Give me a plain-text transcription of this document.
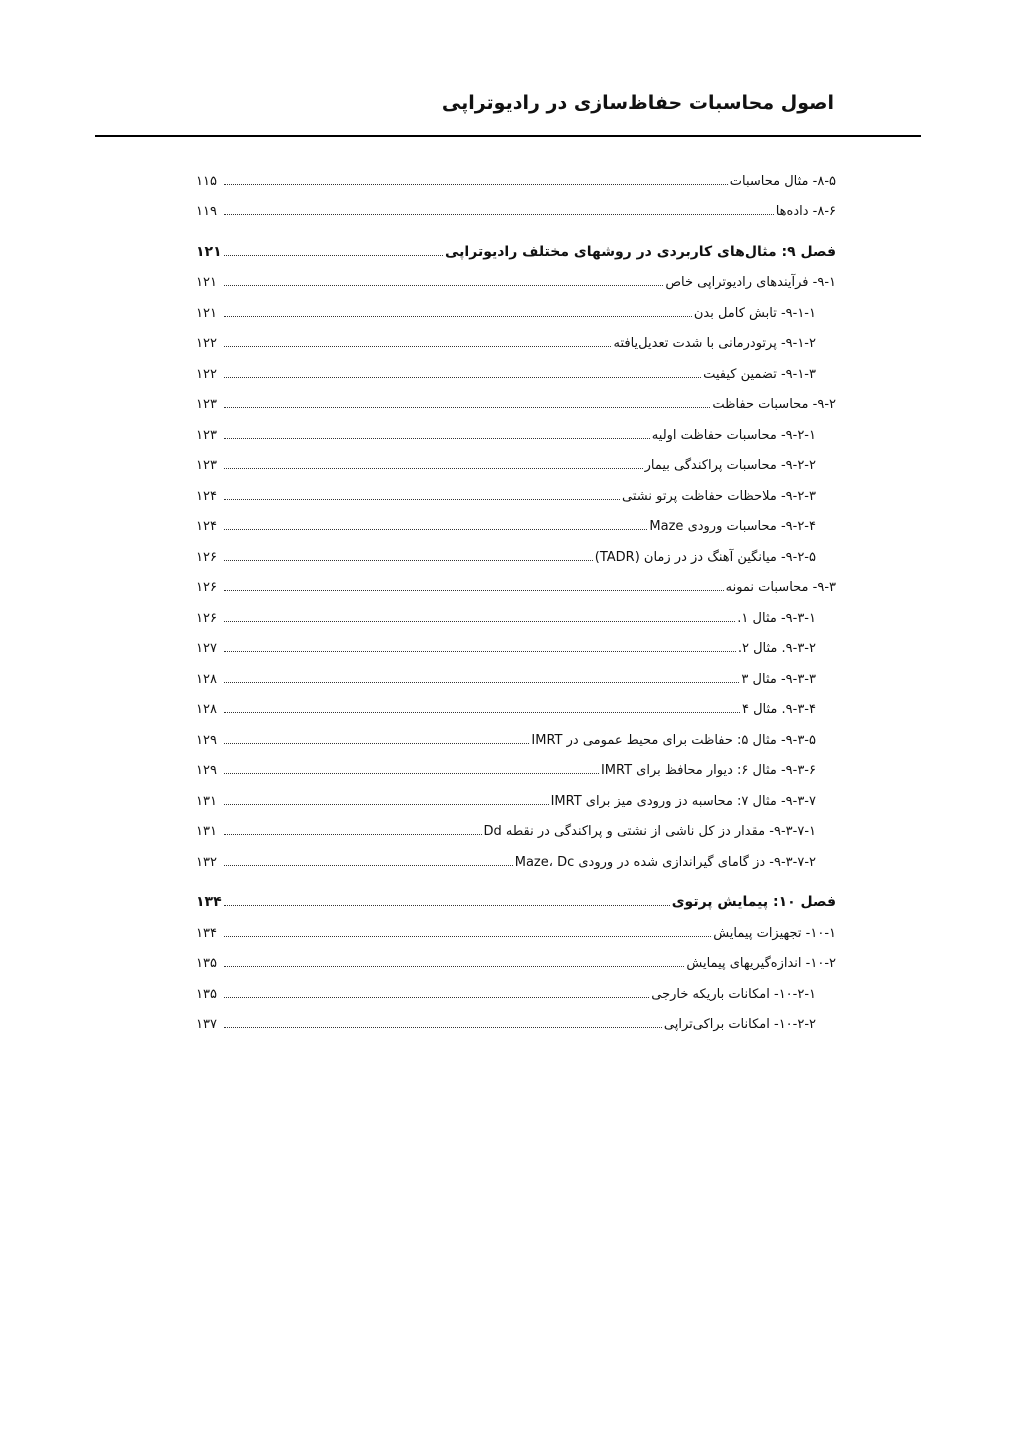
اصول محاسبات حفاظ‌سازی در رادیوتراپی
۸-۵- مثال محاسبات
۱۱۵
۸-۶- داده‌ها
۱۱۹
فصل ۹: مثال‌های کاربردی در روشهای مختلف رادیوتراپی
۱۲۱
۹-۱- فرآیندهای رادیوتراپی خاص
۱۲۱
۹-۱-۱- تابش کامل بدن
۱۲۱
۹-۱-۲- پرتودرمانی با شدت تعدیل‌یافته
۱۲۲
۹-۱-۳- تضمین کیفیت
۱۲۲
۹-۲- محاسبات حفاظت
۱۲۳
۹-۲-۱- محاسبات حفاظت اولیه
۱۲۳
۹-۲-۲- محاسبات پراکندگی بیمار
۱۲۳
۹-۲-۳- ملاحظات حفاظت پرتو نشتی
۱۲۴
۹-۲-۴- محاسبات ورودی Maze
۱۲۴
۹-۲-۵- میانگین آهنگ دز در زمان (TADR)
۱۲۶
۹-۳- محاسبات نمونه
۱۲۶
۹-۳-۱- مثال ۱.
۱۲۶
۹-۳-۲. مثال ۲.
۱۲۷
۹-۳-۳- مثال ۳
۱۲۸
۹-۳-۴. مثال ۴
۱۲۸
۹-۳-۵- مثال ۵: حفاظت برای محیط عمومی در IMRT
۱۲۹
۹-۳-۶- مثال ۶: دیوار محافظ برای IMRT
۱۲۹
۹-۳-۷- مثال ۷: محاسبه دز ورودی میز برای IMRT
۱۳۱
۹-۳-۷-۱- مقدار دز کل ناشی از نشتی و پراکندگی در نقطه Dd
۱۳۱
۹-۳-۷-۲- دز گامای گیراندازی شده در ورودی Maze، Dc
۱۳۲
فصل ۱۰: پیمایش پرتوی
۱۳۴
۱۰-۱- تجهیزات پیمایش
۱۳۴
۱۰-۲- اندازه‌گیریهای پیمایش
۱۳۵
۱۰-۲-۱- امکانات باریکه خارجی
۱۳۵
۱۰-۲-۲- امکانات براکی‌تراپی
۱۳۷
